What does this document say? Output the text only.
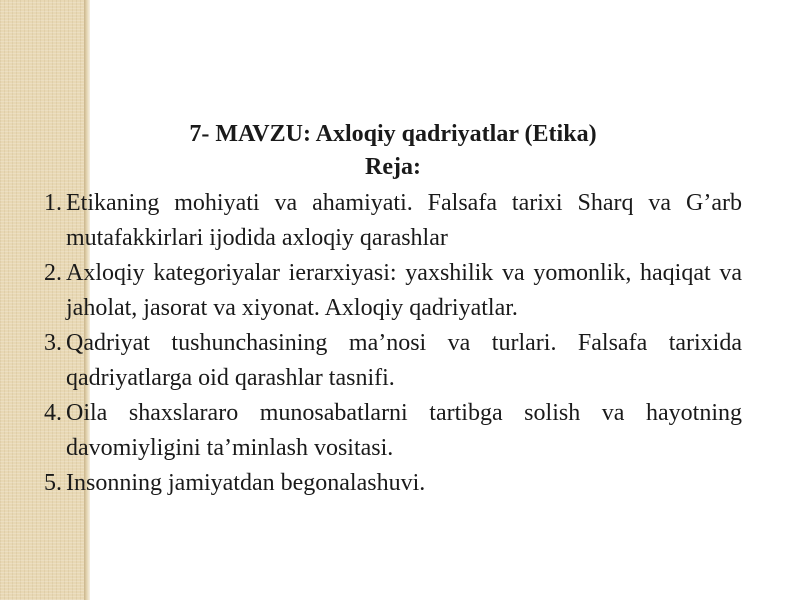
7- MAVZU: Axloqiy qadriyatlar (Etika)
Reja:
1. Etikaning mohiyati va ahamiyati. Falsafa tarixi Sharq va G’arb mutafakkirlari ijodida axloqiy qarashlar
2. Axloqiy kategoriyalar ierarxiyasi: yaxshilik va yomonlik, haqiqat va jaholat, jasorat va xiyonat. Axloqiy qadriyatlar.
3. Qadriyat tushunchasining ma’nosi va turlari. Falsafa tarixida qadriyatlarga oid qarashlar tasnifi.
4. Oila shaxslararo munosabatlarni tartibga solish va hayotning davomiyligini ta’minlash vositasi.
5. Insonning jamiyatdan begonalashuvi.
